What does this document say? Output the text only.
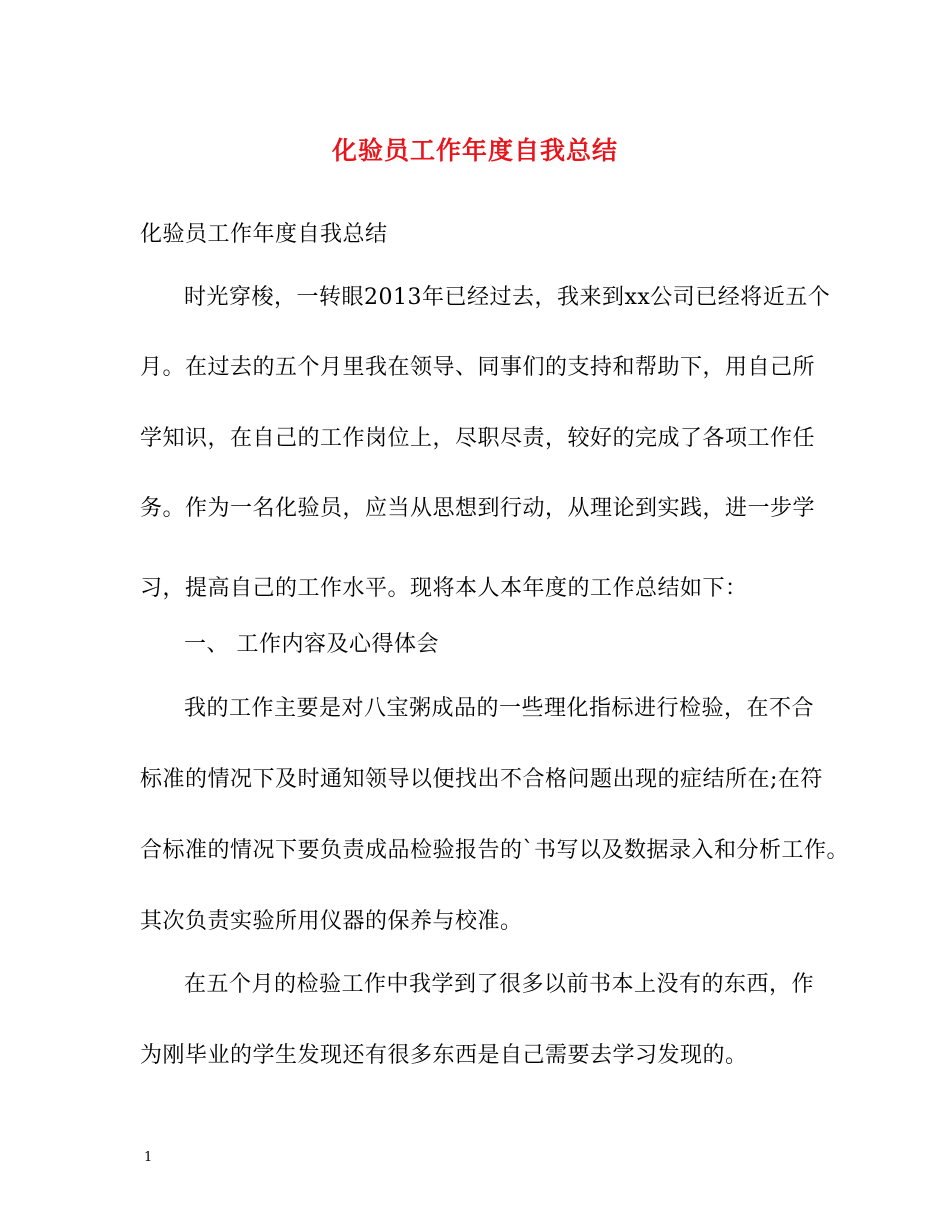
化验员工作年度自我总结
化验员工作年度自我总结
时光穿梭，一转眼2013年已经过去，我来到xx公司已经将近五个
月。在过去的五个月里我在领导、同事们的支持和帮助下，用自己所
学知识，在自己的工作岗位上，尽职尽责，较好的完成了各项工作任
务。作为一名化验员，应当从思想到行动，从理论到实践，进一步学
习，提高自己的工作水平。现将本人本年度的工作总结如下：
一、 工作内容及心得体会
我的工作主要是对八宝粥成品的一些理化指标进行检验，在不合
标准的情况下及时通知领导以便找出不合格问题出现的症结所在;在符
合标准的情况下要负责成品检验报告的`书写以及数据录入和分析工作。
其次负责实验所用仪器的保养与校准。
在五个月的检验工作中我学到了很多以前书本上没有的东西，作
为刚毕业的学生发现还有很多东西是自己需要去学习发现的。
1
